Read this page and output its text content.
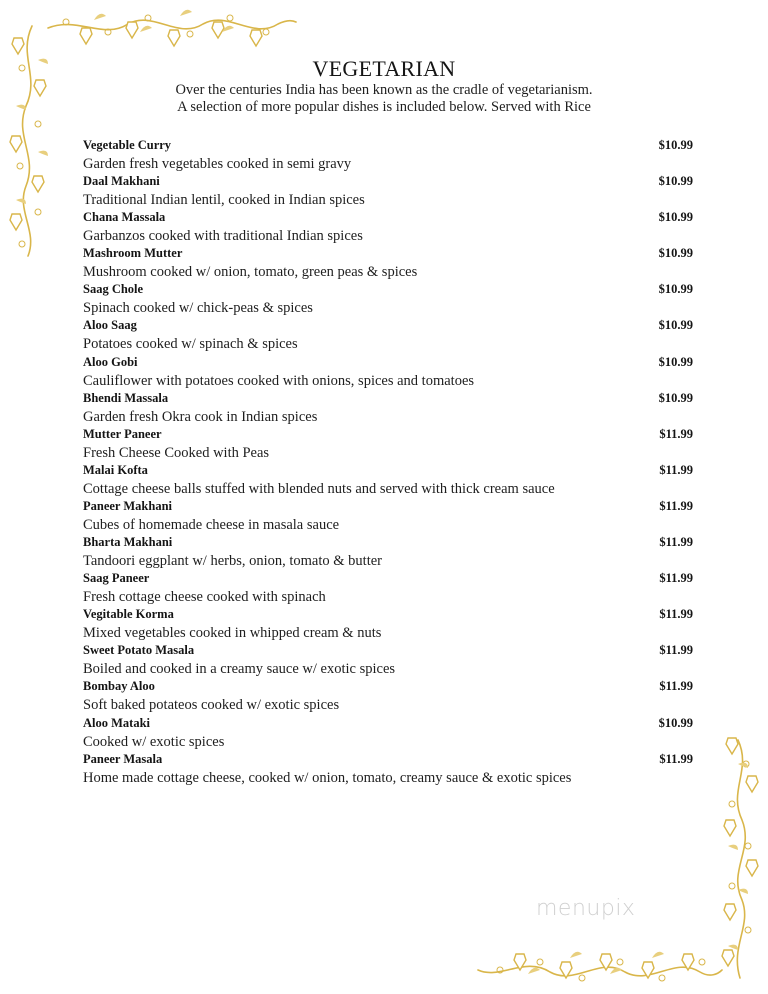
VEGETARIAN
Over the centuries India has been known as the cradle of vegetarianism.
A selection of more popular dishes is included below. Served with Rice
Vegetable Curry
Garden fresh vegetables cooked in semi gravy
$10.99
Daal Makhani
Traditional Indian lentil, cooked in Indian spices
$10.99
Chana Massala
Garbanzos cooked with traditional Indian spices
$10.99
Mashroom Mutter
Mushroom cooked w/ onion, tomato, green peas & spices
$10.99
Saag Chole
Spinach cooked w/ chick-peas & spices
$10.99
Aloo Saag
Potatoes cooked w/ spinach & spices
$10.99
Aloo Gobi
Cauliflower with potatoes cooked with onions, spices and tomatoes
$10.99
Bhendi Massala
Garden fresh Okra cook in Indian spices
$10.99
Mutter Paneer
Fresh Cheese Cooked with Peas
$11.99
Malai Kofta
Cottage cheese balls stuffed with blended nuts and served with thick cream sauce
$11.99
Paneer Makhani
Cubes of homemade cheese in masala sauce
$11.99
Bharta Makhani
Tandoori eggplant w/ herbs, onion, tomato & butter
$11.99
Saag Paneer
Fresh cottage cheese cooked with spinach
$11.99
Vegitable Korma
Mixed vegetables cooked in whipped cream & nuts
$11.99
Sweet Potato Masala
Boiled and cooked in a creamy sauce w/ exotic spices
$11.99
Bombay Aloo
Soft baked potateos cooked w/ exotic spices
$11.99
Aloo Mataki
Cooked w/ exotic spices
$10.99
Paneer Masala
Home made cottage cheese, cooked w/ onion, tomato, creamy sauce & exotic spices
$11.99
menupix
